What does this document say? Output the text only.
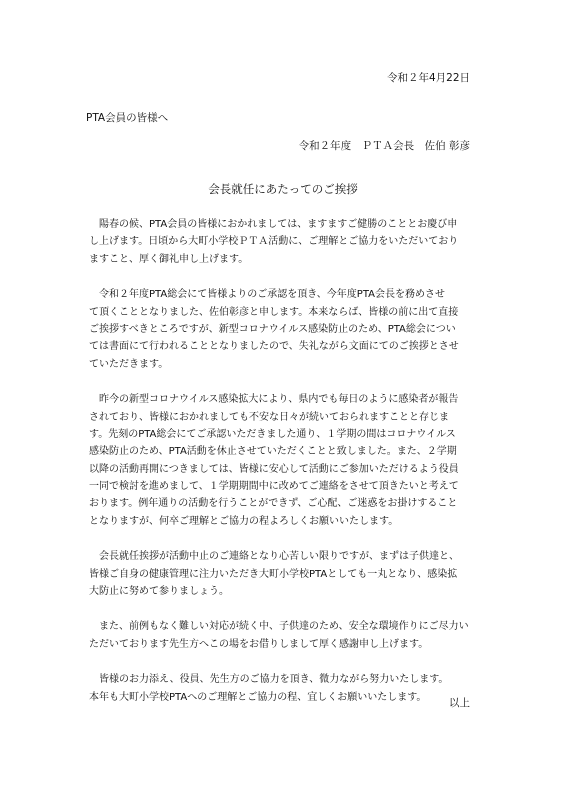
令和２年4月22日
PTA会員の皆様へ
令和２年度　ＰＴＡ会長　佐伯 彰彦
会長就任にあたってのご挨拶
　陽春の候、PTA会員の皆様におかれましては、ますますご健勝のこととお慶び申
し上げます。日頃から大町小学校ＰＴＡ活動に、ご理解とご協力をいただいており
ますこと、厚く御礼申し上げます。
　令和２年度PTA総会にて皆様よりのご承認を頂き、今年度PTA会長を務めさせ
て頂くこととなりました、佐伯彰彦と申します。本来ならば、皆様の前に出て直接
ご挨拶すべきところですが、新型コロナウイルス感染防止のため、PTA総会につい
ては書面にて行われることとなりましたので、失礼ながら文面にてのご挨拶とさせ
ていただきます。
　昨今の新型コロナウイルス感染拡大により、県内でも毎日のように感染者が報告
されており、皆様におかれましても不安な日々が続いておられますことと存じま
す。先刻のPTA総会にてご承認いただきました通り、１学期の間はコロナウイルス
感染防止のため、PTA活動を休止させていただくことと致しました。また、２学期
以降の活動再開につきましては、皆様に安心して活動にご参加いただけるよう役員
一同で検討を進めまして、１学期期間中に改めてご連絡をさせて頂きたいと考えて
おります。例年通りの活動を行うことができず、ご心配、ご迷惑をお掛けすること
となりますが、何卒ご理解とご協力の程よろしくお願いいたします。
　会長就任挨拶が活動中止のご連絡となり心苦しい限りですが、まずは子供達と、
皆様ご自身の健康管理に注力いただき大町小学校PTAとしても一丸となり、感染拡
大防止に努めて参りましょう。
　また、前例もなく難しい対応が続く中、子供達のため、安全な環境作りにご尽力い
ただいております先生方へこの場をお借りしまして厚く感謝申し上げます。
　皆様のお力添え、役員、先生方のご協力を頂き、微力ながら努力いたします。
本年も大町小学校PTAへのご理解とご協力の程、宜しくお願いいたします。	以上
